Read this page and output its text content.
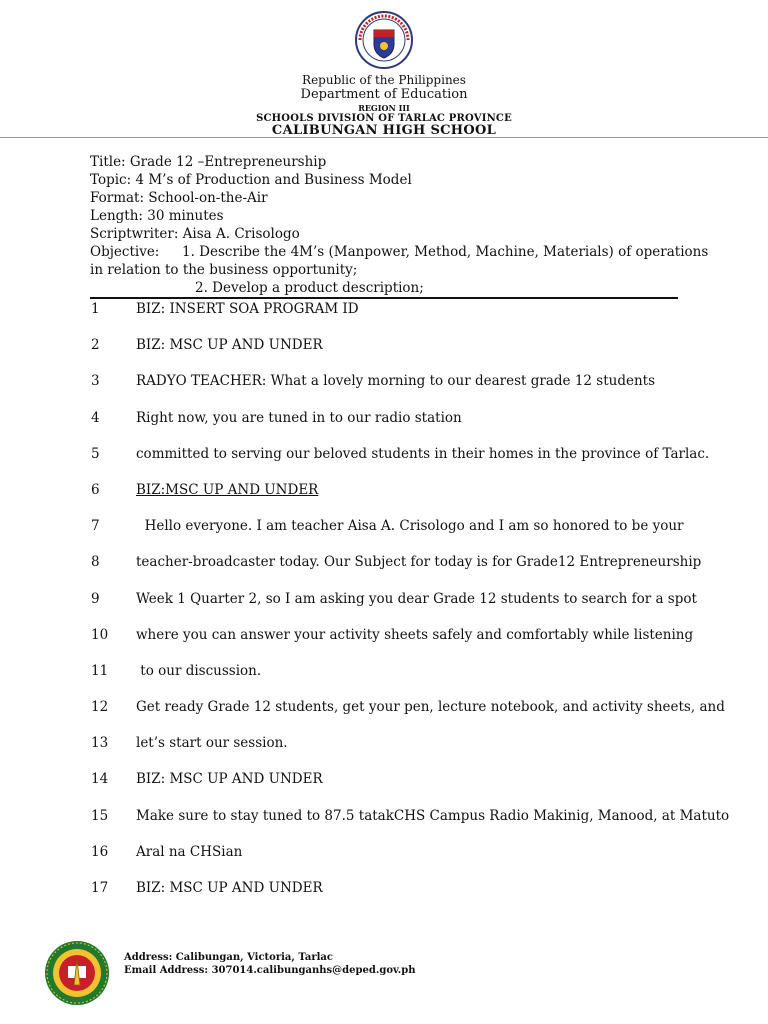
Republic of the Philippines
Department of Education
REGION III
SCHOOLS DIVISION OF TARLAC PROVINCE
CALIBUNGAN HIGH SCHOOL
Title: Grade 12 –Entrepreneurship
Topic: 4 M’s of Production and Business Model
Format: School-on-the-Air
Length: 30 minutes
Scriptwriter: Aisa A. Crisologo
Objective: 1. Describe the 4M’s (Manpower, Method, Machine, Materials) of operations
in relation to the business opportunity;
2. Develop a product description;
1	BIZ: INSERT SOA PROGRAM ID
2	BIZ: MSC UP AND UNDER
3	RADYO TEACHER: What a lovely morning to our dearest grade 12 students
4	Right now, you are tuned in to our radio station
5	committed to serving our beloved students in their homes in the province of Tarlac.
6	BIZ:MSC UP AND UNDER
7	Hello everyone. I am teacher Aisa A. Crisologo and I am so honored to be your
8	teacher-broadcaster today. Our Subject for today is for Grade12 Entrepreneurship
9	Week 1 Quarter 2, so I am asking you dear Grade 12 students to search for a spot
10	where you can answer your activity sheets safely and comfortably while listening
11	to our discussion.
12	Get ready Grade 12 students, get your pen, lecture notebook, and activity sheets, and
13	let’s start our session.
14	BIZ: MSC UP AND UNDER
15	Make sure to stay tuned to 87.5 tatakCHS Campus Radio Makinig, Manood, at Matuto
16	Aral na CHSian
17	BIZ: MSC UP AND UNDER
Address: Calibungan, Victoria, Tarlac
Email Address: 307014.calibunganhs@deped.gov.ph
